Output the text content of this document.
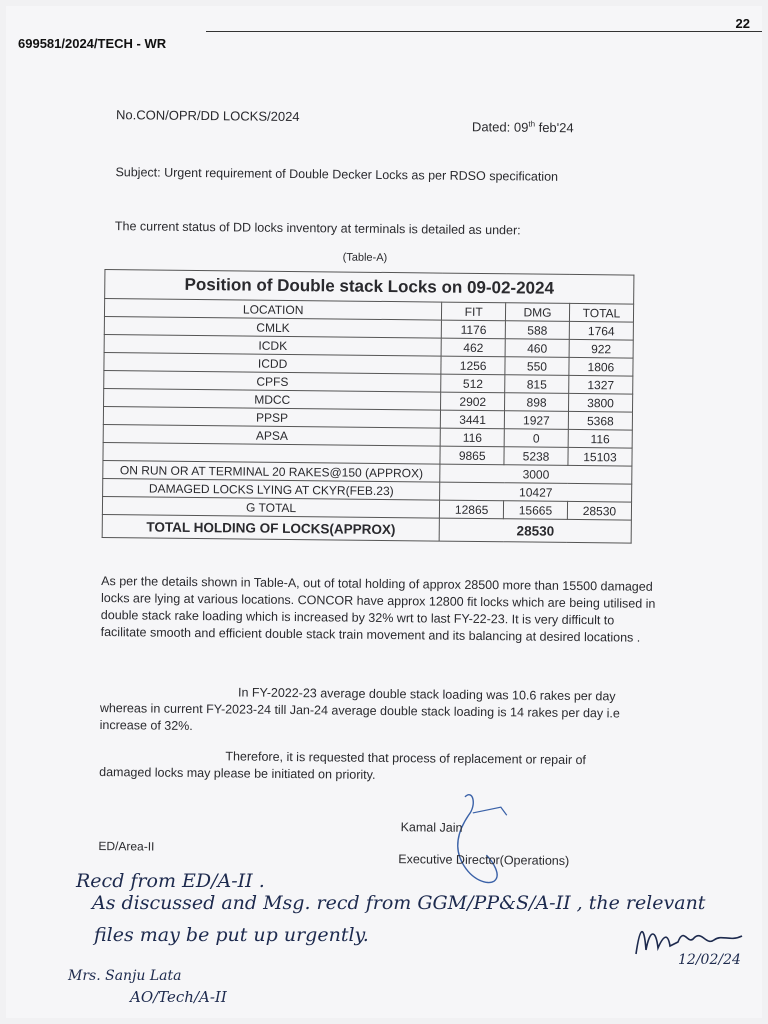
22
699581/2024/TECH - WR
No.CON/OPR/DD LOCKS/2024
Dated: 09th feb'24
Subject: Urgent requirement of Double Decker Locks as per RDSO specification
The current status of DD locks inventory at terminals is detailed as under:
(Table-A)
Position of Double stack Locks on 09-02-2024			
LOCATION	FIT	DMG	TOTAL
CMLK	1176	588	1764
ICDK	462	460	922
ICDD	1256	550	1806
CPFS	512	815	1327
MDCC	2902	898	3800
PPSP	3441	1927	5368
APSA	116	0	116
	9865	5238	15103
ON RUN OR AT TERMINAL 20 RAKES@150 (APPROX)	3000		
DAMAGED LOCKS LYING AT CKYR(FEB.23)	10427		
G TOTAL	12865	15665	28530
TOTAL HOLDING OF LOCKS(APPROX)	28530		
As per the details shown in Table-A, out of total holding of approx 28500 more than 15500 damaged locks are lying at various locations. CONCOR have approx 12800 fit locks which are being utilised in double stack rake loading which is increased by 32% wrt to last FY-22-23. It is very difficult to facilitate smooth and efficient double stack train movement and its balancing at desired locations .
In FY-2022-23 average double stack loading was 10.6 rakes per day
whereas in current FY-2023-24 till Jan-24 average double stack loading is 14 rakes per day i.e increase of 32%.
Therefore, it is requested that process of replacement or repair of
damaged locks may please be initiated on priority.
Kamal Jain
Executive Director(Operations)
ED/Area-II
Recd from ED/A-II .
As discussed and Msg. recd from GGM/PP&S/A-II , the relevant
files may be put up urgently.
12/02/24
Mrs. Sanju Lata
AO/Tech/A-II
